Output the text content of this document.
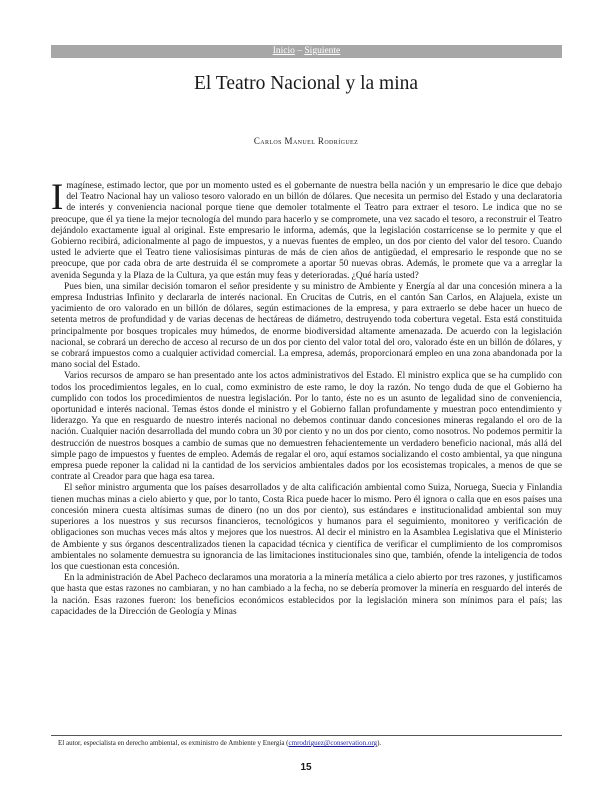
Inicio – Siguiente
El Teatro Nacional y la mina
Carlos Manuel Rodríguez

Imagínese, estimado lector, que por un momento usted es el gobernante de nuestra bella nación y un empresario le dice que debajo del Teatro Nacional hay un valioso tesoro valorado en un billón de dólares. Que necesita un permiso del Estado y una declaratoria de interés y conveniencia nacional porque tiene que demoler totalmente el Teatro para extraer el tesoro. Le indica que no se preocupe, que él ya tiene la mejor tecnología del mundo para hacerlo y se compromete, una vez sacado el tesoro, a reconstruir el Teatro dejándolo exactamente igual al original. Este empresario le informa, además, que la legislación costarricense se lo permite y que el Gobierno recibirá, adicionalmente al pago de impuestos, y a nuevas fuentes de empleo, un dos por ciento del valor del tesoro. Cuando usted le advierte que el Teatro tiene valiosísimas pinturas de más de cien años de antigüedad, el empresario le responde que no se preocupe, que por cada obra de arte destruida él se compromete a aportar 50 nuevas obras. Además, le promete que va a arreglar la avenida Segunda y la Plaza de la Cultura, ya que están muy feas y deterioradas. ¿Qué haría usted?

Pues bien, una similar decisión tomaron el señor presidente y su ministro de Ambiente y Energía al dar una concesión minera a la empresa Industrias Infinito y declararla de interés nacional. En Crucitas de Cutris, en el cantón San Carlos, en Alajuela, existe un yacimiento de oro valorado en un billón de dólares, según estimaciones de la empresa, y para extraerlo se debe hacer un hueco de setenta metros de profundidad y de varias decenas de hectáreas de diámetro, destruyendo toda cobertura vegetal. Esta está constituida principalmente por bosques tropicales muy húmedos, de enorme biodiversidad altamente amenazada. De acuerdo con la legislación nacional, se cobrará un derecho de acceso al recurso de un dos por ciento del valor total del oro, valorado éste en un billón de dólares, y se cobrará impuestos como a cualquier actividad comercial. La empresa, además, proporcionará empleo en una zona abandonada por la mano social del Estado.

Varios recursos de amparo se han presentado ante los actos administrativos del Estado. El ministro explica que se ha cumplido con todos los procedimientos legales, en lo cual, como exministro de este ramo, le doy la razón. No tengo duda de que el Gobierno ha cumplido con todos los procedimientos de nuestra legislación. Por lo tanto, éste no es un asunto de legalidad sino de conveniencia, oportunidad e interés nacional. Temas éstos donde el ministro y el Gobierno fallan profundamente y muestran poco entendimiento y liderazgo. Ya que en resguardo de nuestro interés nacional no debemos continuar dando concesiones mineras regalando el oro de la nación. Cualquier nación desarrollada del mundo cobra un 30 por ciento y no un dos por ciento, como nosotros. No podemos permitir la destrucción de nuestros bosques a cambio de sumas que no demuestren fehacientemente un verdadero beneficio nacional, más allá del simple pago de impuestos y fuentes de empleo. Además de regalar el oro, aquí estamos socializando el costo ambiental, ya que ninguna empresa puede reponer la calidad ni la cantidad de los servicios ambientales dados por los ecosistemas tropicales, a menos de que se contrate al Creador para que haga esa tarea.

El señor ministro argumenta que los países desarrollados y de alta calificación ambiental como Suiza, Noruega, Suecia y Finlandia tienen muchas minas a cielo abierto y que, por lo tanto, Costa Rica puede hacer lo mismo. Pero él ignora o calla que en esos países una concesión minera cuesta altísimas sumas de dinero (no un dos por ciento), sus estándares e institucionalidad ambiental son muy superiores a los nuestros y sus recursos financieros, tecnológicos y humanos para el seguimiento, monitoreo y verificación de obligaciones son muchas veces más altos y mejores que los nuestros. Al decir el ministro en la Asamblea Legislativa que el Ministerio de Ambiente y sus órganos descentralizados tienen la capacidad técnica y científica de verificar el cumplimiento de los compromisos ambientales no solamente demuestra su ignorancia de las limitaciones institucionales sino que, también, ofende la inteligencia de todos los que cuestionan esta concesión.

En la administración de Abel Pacheco declaramos una moratoria a la minería metálica a cielo abierto por tres razones, y justificamos que hasta que estas razones no cambiaran, y no han cambiado a la fecha, no se debería promover la minería en resguardo del interés de la nación. Esas razones fueron: los beneficios económicos establecidos por la legislación minera son mínimos para el país; las capacidades de la Dirección de Geología y Minas

El autor, especialista en derecho ambiental, es exministro de Ambiente y Energía (cmrodriguez@conservation.org).
15
